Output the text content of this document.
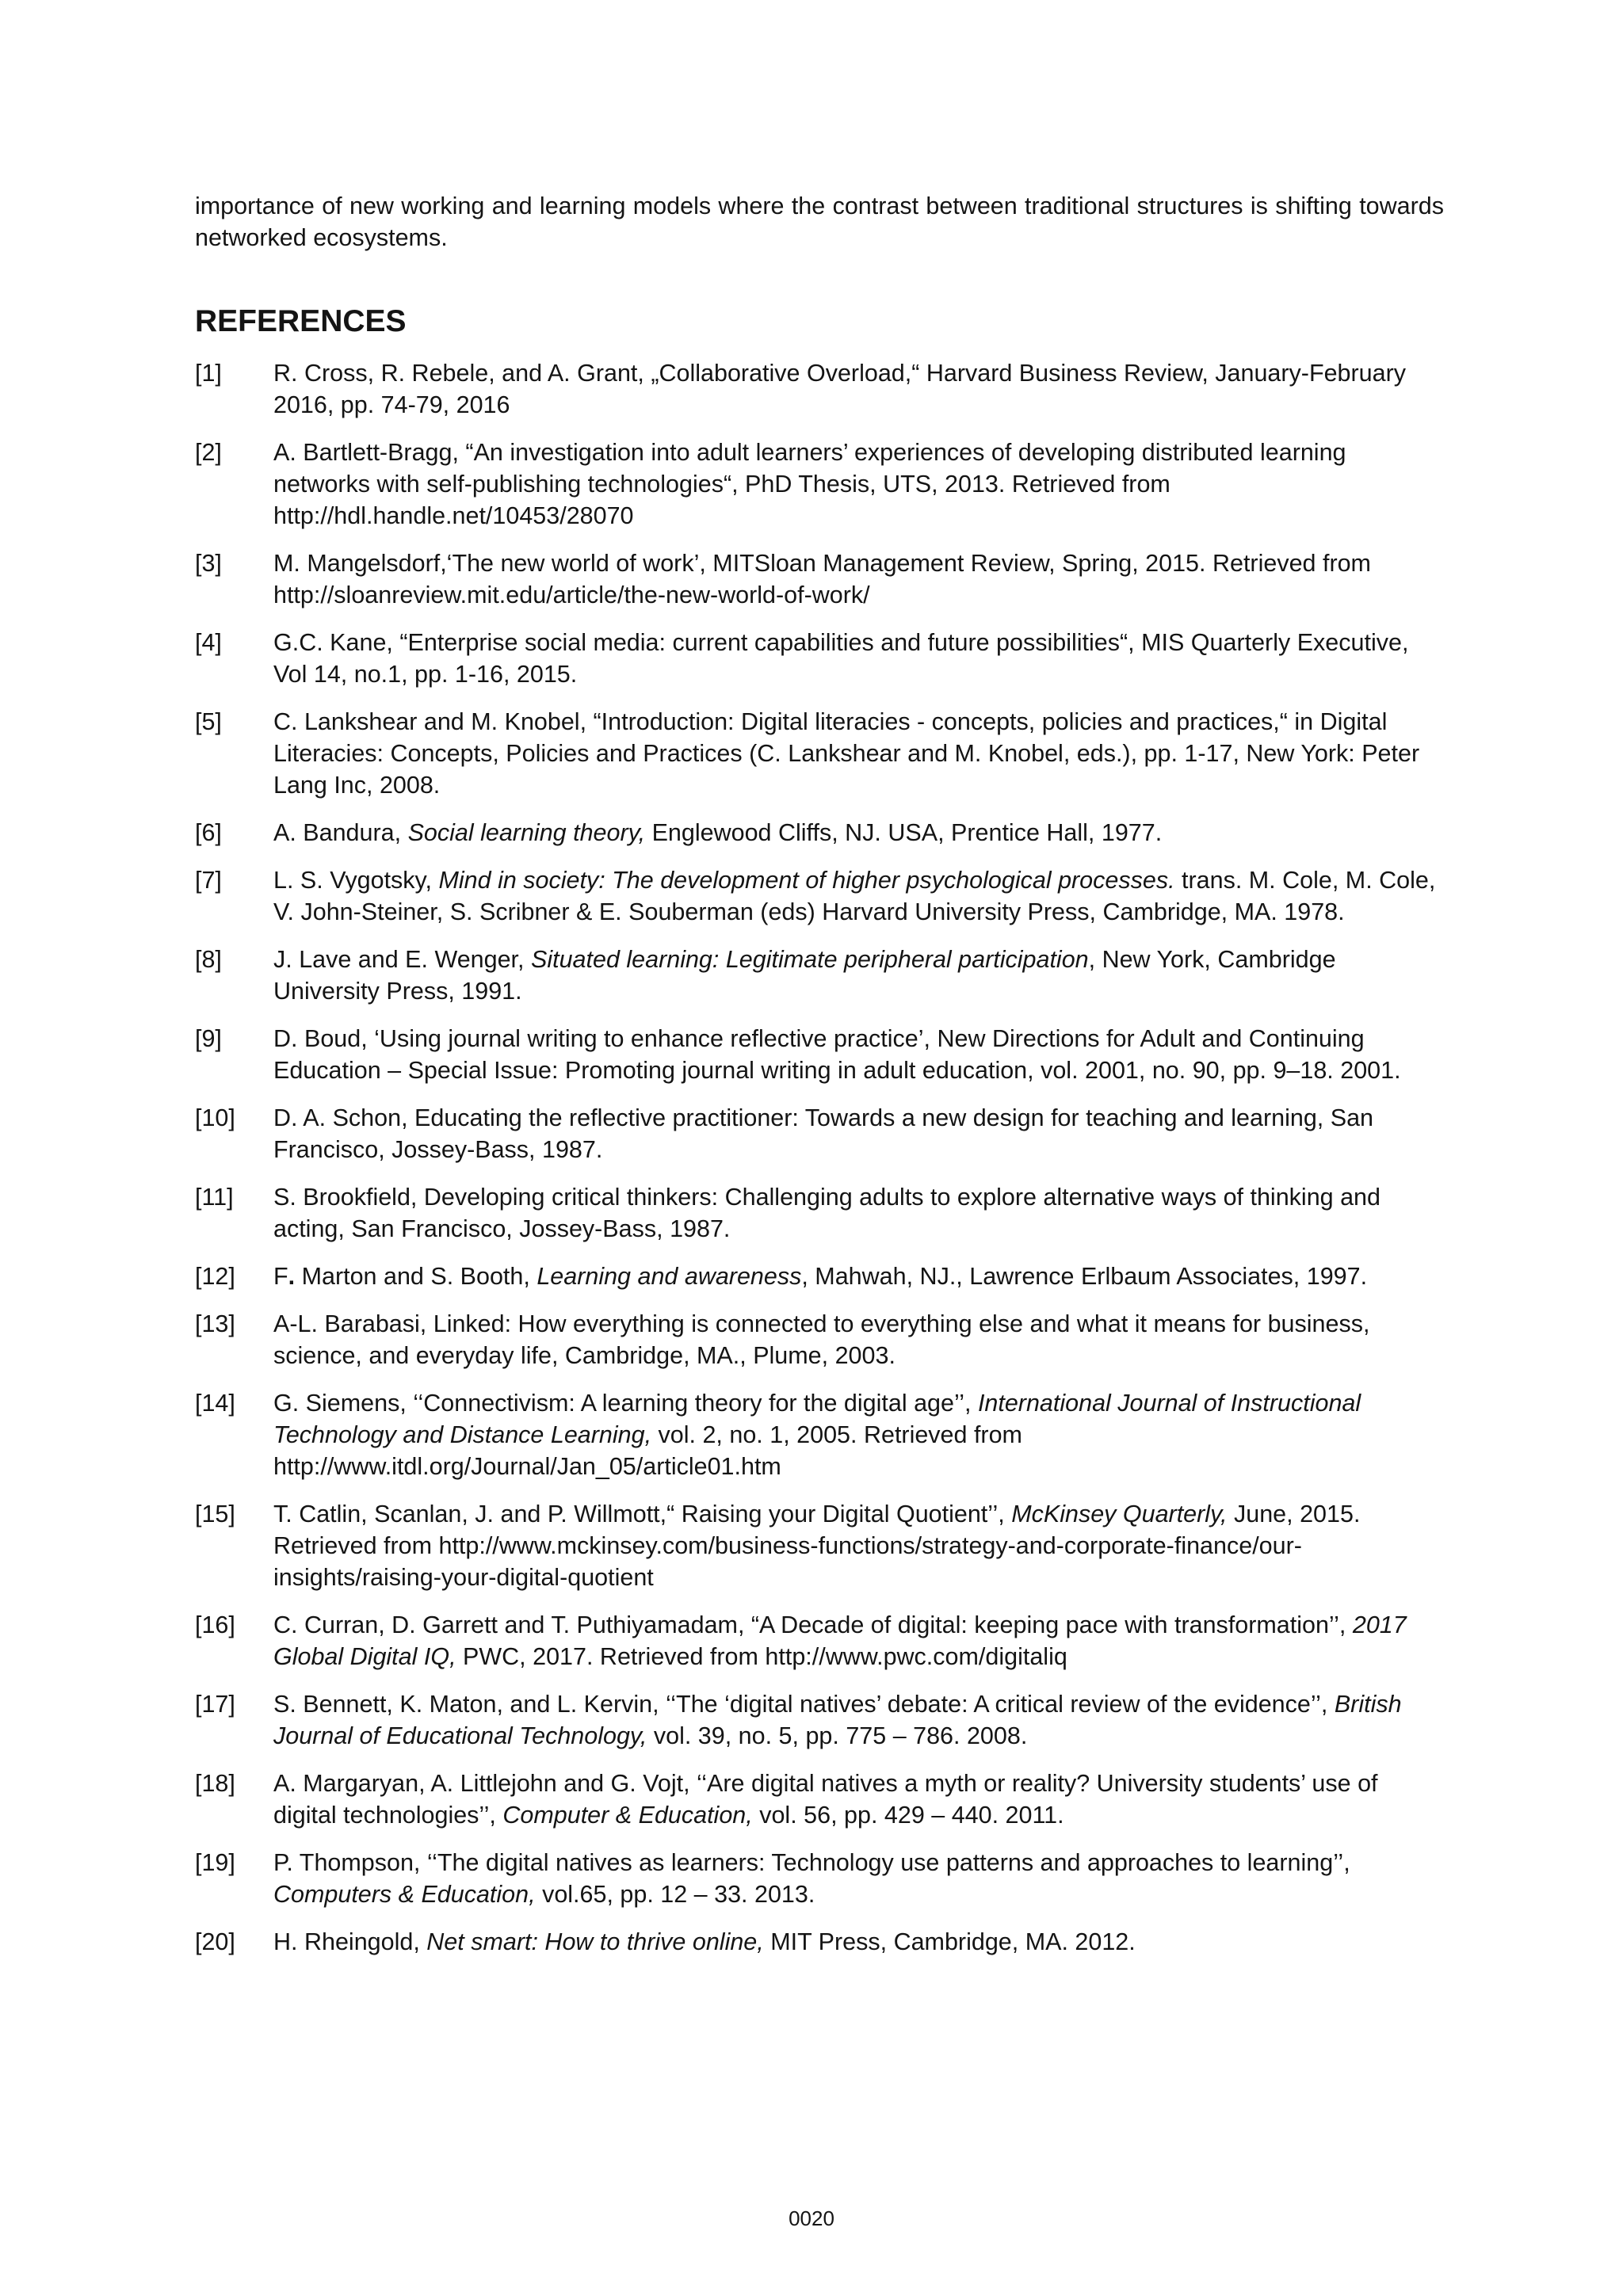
importance of new working and learning models where the contrast between traditional structures is shifting towards networked ecosystems.

REFERENCES
[1]	R. Cross, R. Rebele, and A. Grant, „Collaborative Overload,“ Harvard Business Review, January-February 2016, pp. 74-79, 2016
[2]	A. Bartlett-Bragg, “An investigation into adult learners’ experiences of developing distributed learning networks with self-publishing technologies“, PhD Thesis, UTS, 2013. Retrieved from http://hdl.handle.net/10453/28070
[3]	M. Mangelsdorf,‘The new world of work’, MITSloan Management Review, Spring, 2015. Retrieved from http://sloanreview.mit.edu/article/the-new-world-of-work/
[4]	G.C. Kane, “Enterprise social media: current capabilities and future possibilities“, MIS Quarterly Executive, Vol 14, no.1, pp. 1-16, 2015.
[5]	C. Lankshear and M. Knobel, “Introduction: Digital literacies - concepts, policies and practices,“ in Digital Literacies: Concepts, Policies and Practices (C. Lankshear and M. Knobel, eds.), pp. 1-17, New York: Peter Lang Inc, 2008.
[6]	A. Bandura, Social learning theory, Englewood Cliffs, NJ. USA, Prentice Hall, 1977.
[7]	L. S. Vygotsky, Mind in society: The development of higher psychological processes. trans. M. Cole, M. Cole, V. John-Steiner, S. Scribner & E. Souberman (eds) Harvard University Press, Cambridge, MA. 1978.
[8]	J. Lave and E. Wenger, Situated learning: Legitimate peripheral participation, New York, Cambridge University Press, 1991.
[9]	D. Boud, ‘Using journal writing to enhance reflective practice’, New Directions for Adult and Continuing Education – Special Issue: Promoting journal writing in adult education, vol. 2001, no. 90, pp. 9–18. 2001.
[10]	D. A. Schon, Educating the reflective practitioner: Towards a new design for teaching and learning, San Francisco, Jossey-Bass, 1987.
[11]	S. Brookfield, Developing critical thinkers: Challenging adults to explore alternative ways of thinking and acting, San Francisco, Jossey-Bass, 1987.
[12]	F. Marton and S. Booth, Learning and awareness, Mahwah, NJ., Lawrence Erlbaum Associates, 1997.
[13]	A-L. Barabasi, Linked: How everything is connected to everything else and what it means for business, science, and everyday life, Cambridge, MA., Plume, 2003.
[14]	G. Siemens, ‘‘Connectivism: A learning theory for the digital age’’, International Journal of Instructional Technology and Distance Learning, vol. 2, no. 1, 2005. Retrieved from http://www.itdl.org/Journal/Jan_05/article01.htm
[15]	T. Catlin, Scanlan, J. and P. Willmott,“ Raising your Digital Quotient’’, McKinsey Quarterly, June, 2015. Retrieved from http://www.mckinsey.com/business-functions/strategy-and-corporate-finance/our-insights/raising-your-digital-quotient
[16]	C. Curran, D. Garrett and T. Puthiyamadam, “A Decade of digital: keeping pace with transformation’’, 2017 Global Digital IQ, PWC, 2017. Retrieved from http://www.pwc.com/digitaliq
[17]	S. Bennett, K. Maton, and L. Kervin, ‘‘The ‘digital natives’ debate: A critical review of the evidence’’, British Journal of Educational Technology, vol. 39, no. 5, pp. 775 – 786. 2008.
[18]	A. Margaryan, A. Littlejohn and G. Vojt, ‘‘Are digital natives a myth or reality? University students’ use of digital technologies’’, Computer & Education, vol. 56, pp. 429 – 440. 2011.
[19]	P. Thompson, ‘‘The digital natives as learners: Technology use patterns and approaches to learning’’, Computers & Education, vol.65, pp. 12 – 33. 2013.
[20]	H. Rheingold, Net smart: How to thrive online, MIT Press, Cambridge, MA. 2012.
0020
